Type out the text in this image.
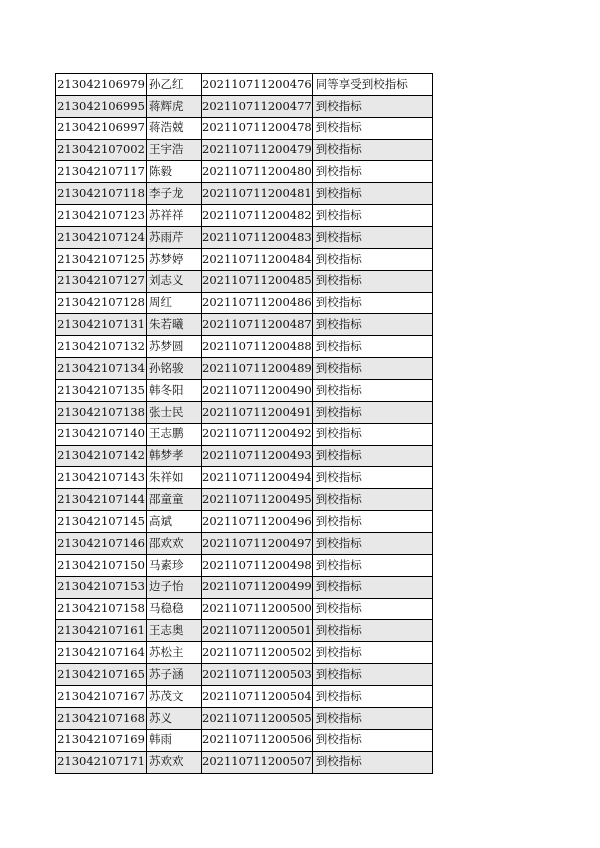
213042106979	孙乙红	202110711200476	同等享受到校指标
213042106995	蒋辉虎	202110711200477	到校指标
213042106997	蒋浩兢	202110711200478	到校指标
213042107002	王宇浩	202110711200479	到校指标
213042107117	陈毅	202110711200480	到校指标
213042107118	李子龙	202110711200481	到校指标
213042107123	苏祥祥	202110711200482	到校指标
213042107124	苏雨芹	202110711200483	到校指标
213042107125	苏梦婷	202110711200484	到校指标
213042107127	刘志义	202110711200485	到校指标
213042107128	周红	202110711200486	到校指标
213042107131	朱若曦	202110711200487	到校指标
213042107132	苏梦圆	202110711200488	到校指标
213042107134	孙铭骏	202110711200489	到校指标
213042107135	韩冬阳	202110711200490	到校指标
213042107138	张士民	202110711200491	到校指标
213042107140	王志鹏	202110711200492	到校指标
213042107142	韩梦孝	202110711200493	到校指标
213042107143	朱祥如	202110711200494	到校指标
213042107144	邵童童	202110711200495	到校指标
213042107145	高斌	202110711200496	到校指标
213042107146	邵欢欢	202110711200497	到校指标
213042107150	马素珍	202110711200498	到校指标
213042107153	边子怡	202110711200499	到校指标
213042107158	马稳稳	202110711200500	到校指标
213042107161	王志奥	202110711200501	到校指标
213042107164	苏松主	202110711200502	到校指标
213042107165	苏子涵	202110711200503	到校指标
213042107167	苏茂文	202110711200504	到校指标
213042107168	苏义	202110711200505	到校指标
213042107169	韩雨	202110711200506	到校指标
213042107171	苏欢欢	202110711200507	到校指标
